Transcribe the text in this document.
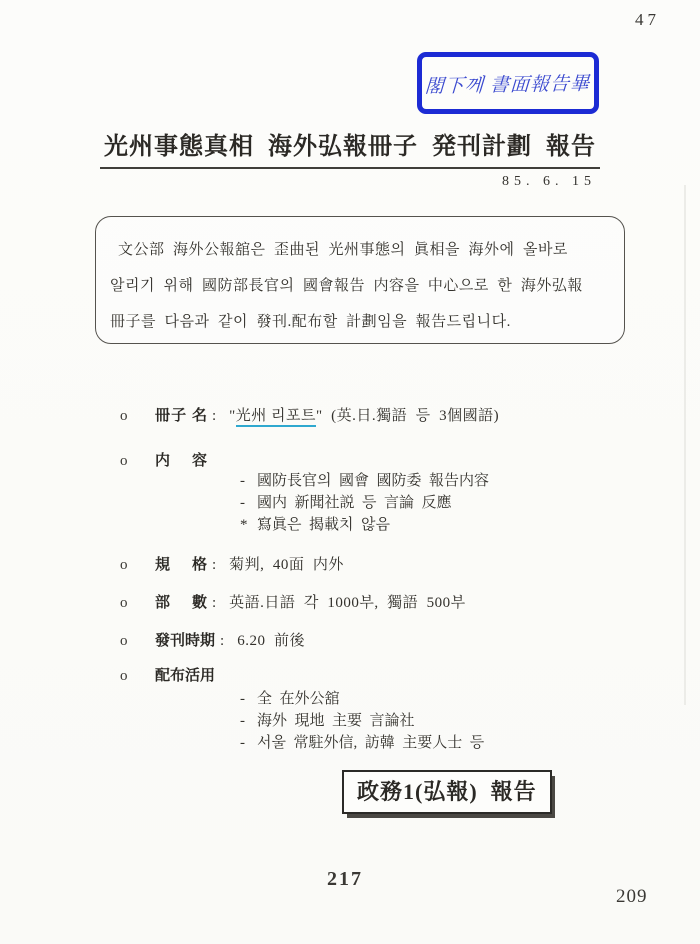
47
閣下께 書面報告畢
光州事態真相  海外弘報冊子  発刊計劃  報告
85. 6. 15
文公部  海外公報舘은  歪曲된  光州事態의  眞相을  海外에  올바로
알리기  위해  國防部長官의  國會報告  内容을  中心으로  한  海外弘報
冊子를  다음과  같이  發刊.配布할  計劃임을  報告드립니다.

o 冊子 名 : "光州 리포트"  (英.日.獨語  등  3個國語)

o 内 容

- 國防長官의  國會  國防委  報告内容

- 國内  新聞社説  등  言論  反應

* 寫眞은  揭載치  않음

o 規 格 : 菊判,  40面  内外

o 部 數 : 英語.日語  각  1000부,  獨語  500부

o 發刊時期 : 6.20  前後

o 配布活用

- 全  在外公舘

- 海外  現地  主要  言論社

- 서울  常駐外信,  訪韓  主要人士  등

政務1(弘報)  報告
217
209
